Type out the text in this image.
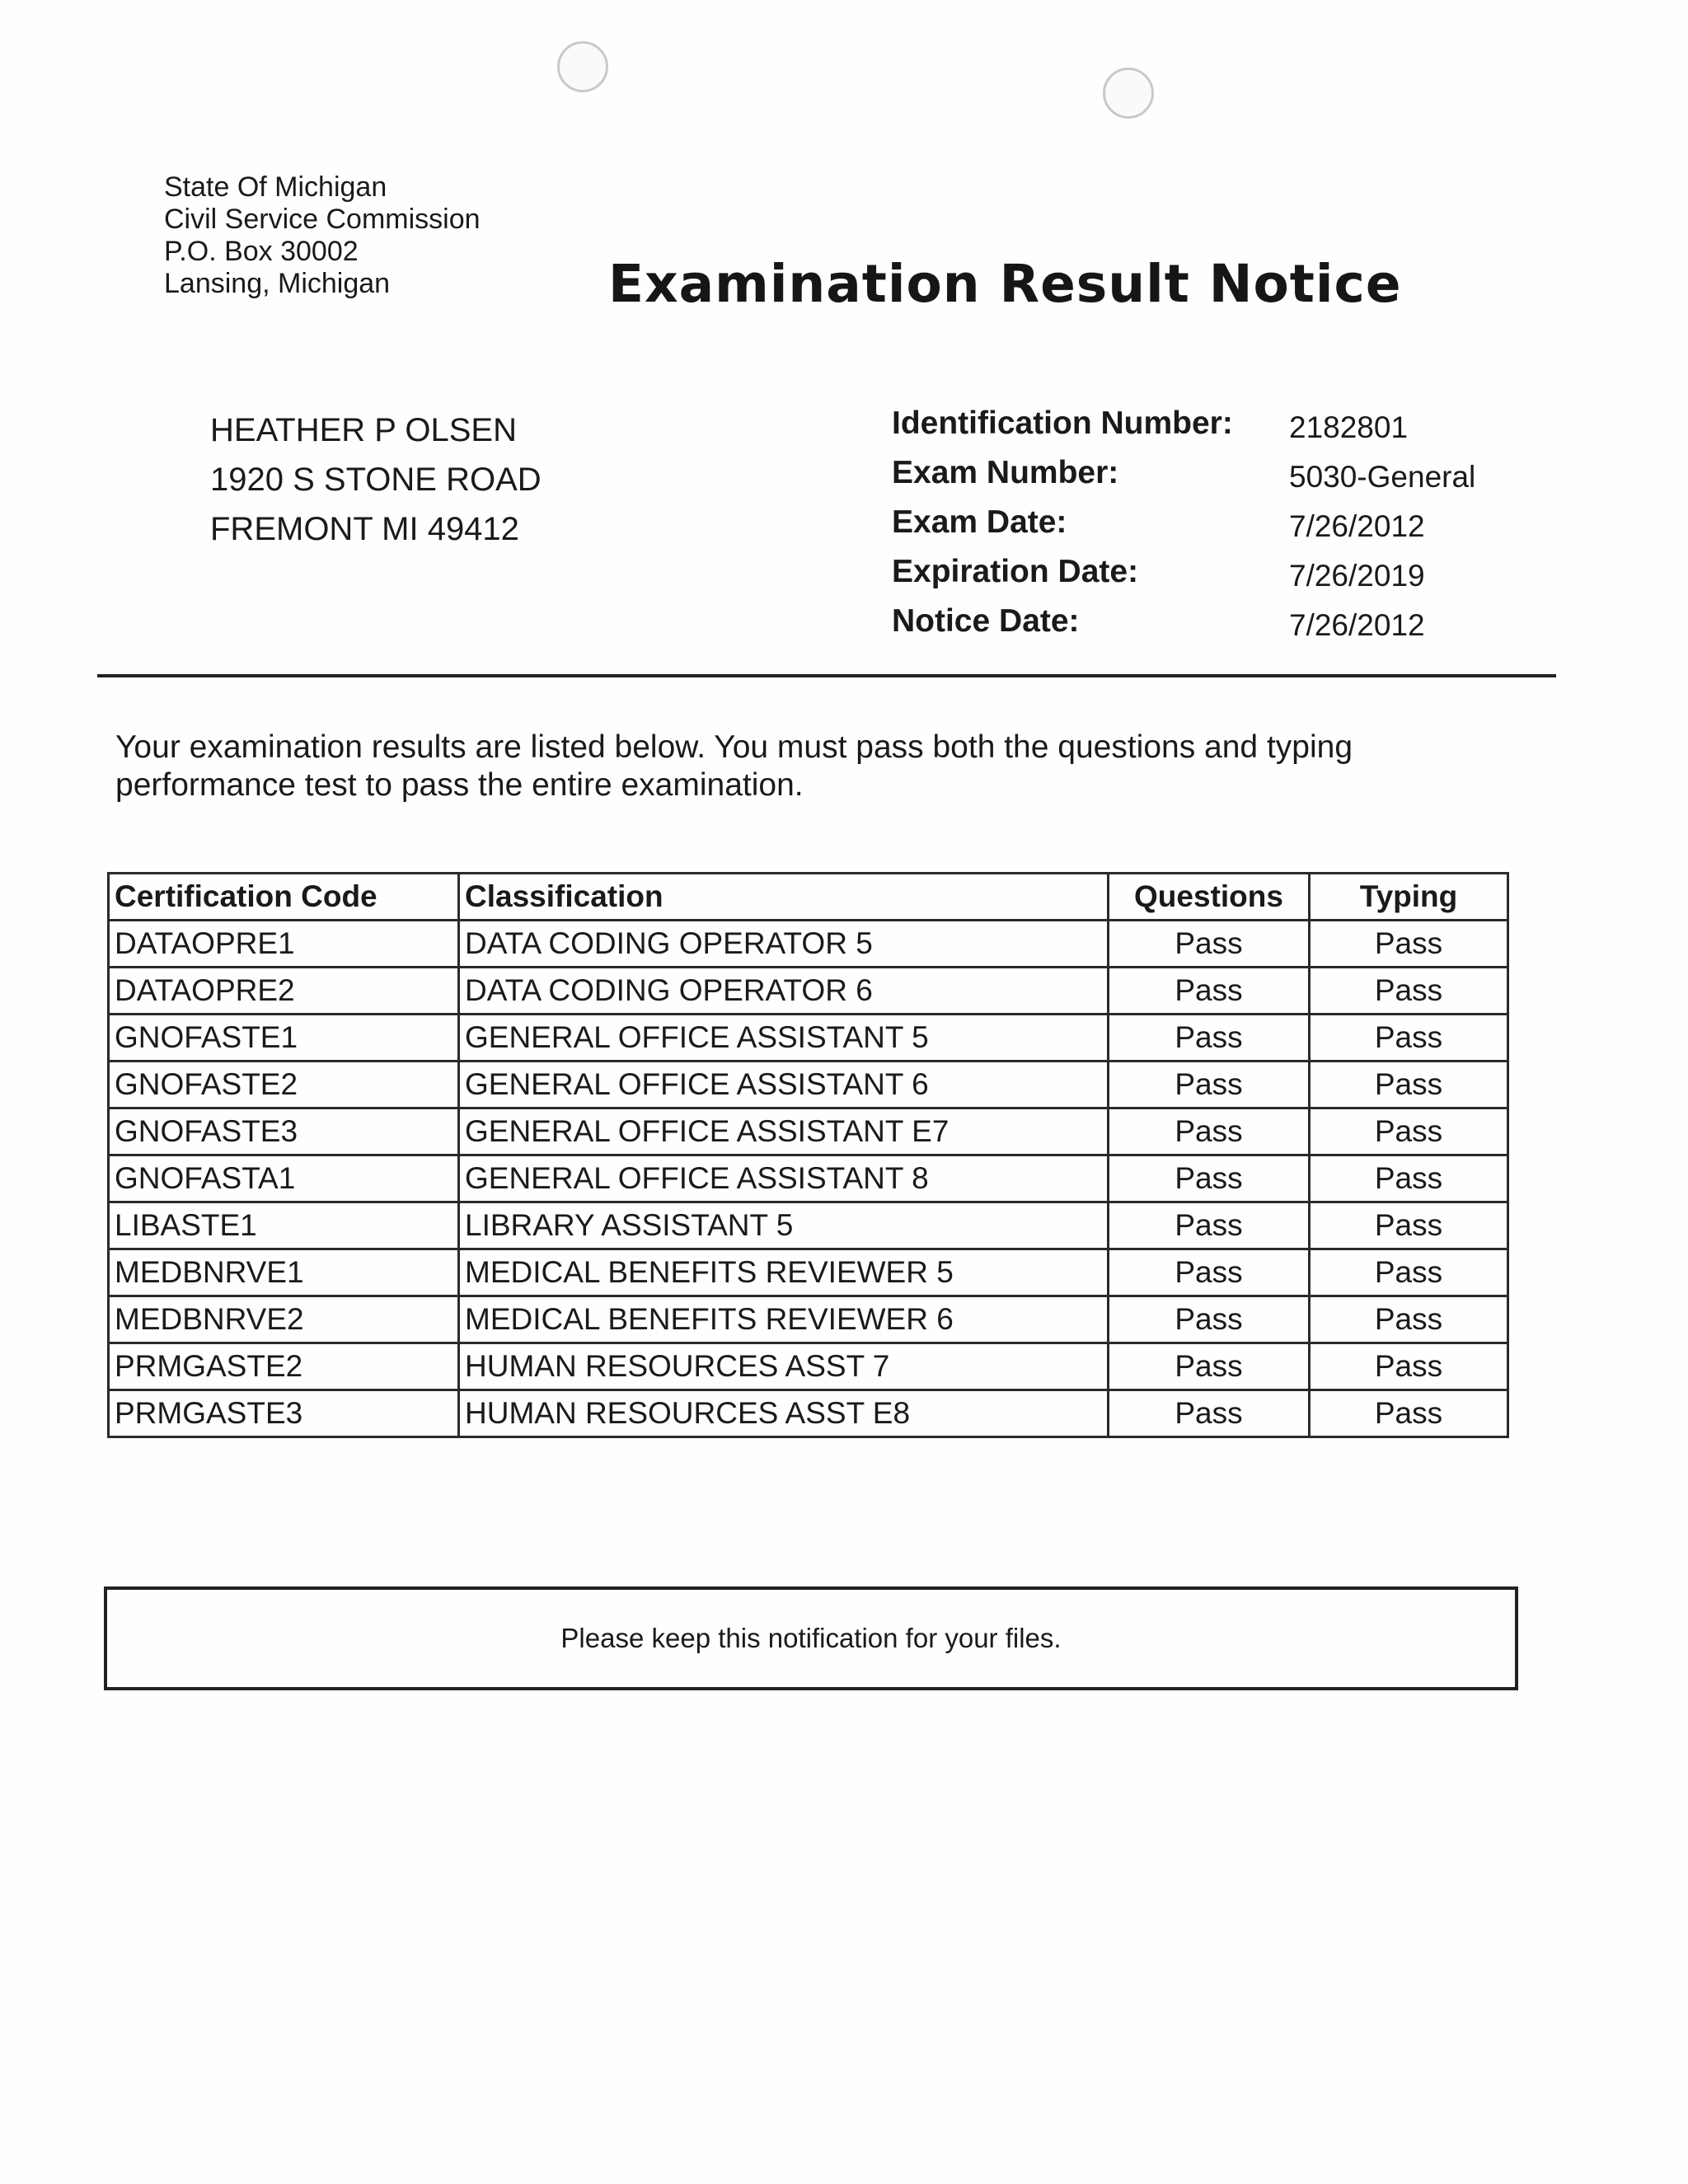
State Of Michigan
Civil Service Commission
P.O. Box 30002
Lansing, Michigan	Examination Result Notice
HEATHER P OLSEN
1920 S STONE ROAD
FREMONT MI 49412
Identification Number: 2182801
Exam Number:	5030-General
Exam Date:	7/26/2012
Expiration Date:	7/26/2019
Notice Date:	7/26/2012
Your examination results are listed below. You must pass both the questions and typing performance test to pass the entire examination.
Certification Code	Classification	Questions	Typing
DATAOPRE1	DATA CODING OPERATOR 5	Pass	Pass
DATAOPRE2	DATA CODING OPERATOR 6	Pass	Pass
GNOFASTE1	GENERAL OFFICE ASSISTANT 5	Pass	Pass
GNOFASTE2	GENERAL OFFICE ASSISTANT 6	Pass	Pass
GNOFASTE3	GENERAL OFFICE ASSISTANT E7	Pass	Pass
GNOFASTA1	GENERAL OFFICE ASSISTANT 8	Pass	Pass
LIBASTE1	LIBRARY ASSISTANT 5	Pass	Pass
MEDBNRVE1	MEDICAL BENEFITS REVIEWER 5	Pass	Pass
MEDBNRVE2	MEDICAL BENEFITS REVIEWER 6	Pass	Pass
PRMGASTE2	HUMAN RESOURCES ASST 7	Pass	Pass
PRMGASTE3	HUMAN RESOURCES ASST E8	Pass	Pass
Please keep this notification for your files.
